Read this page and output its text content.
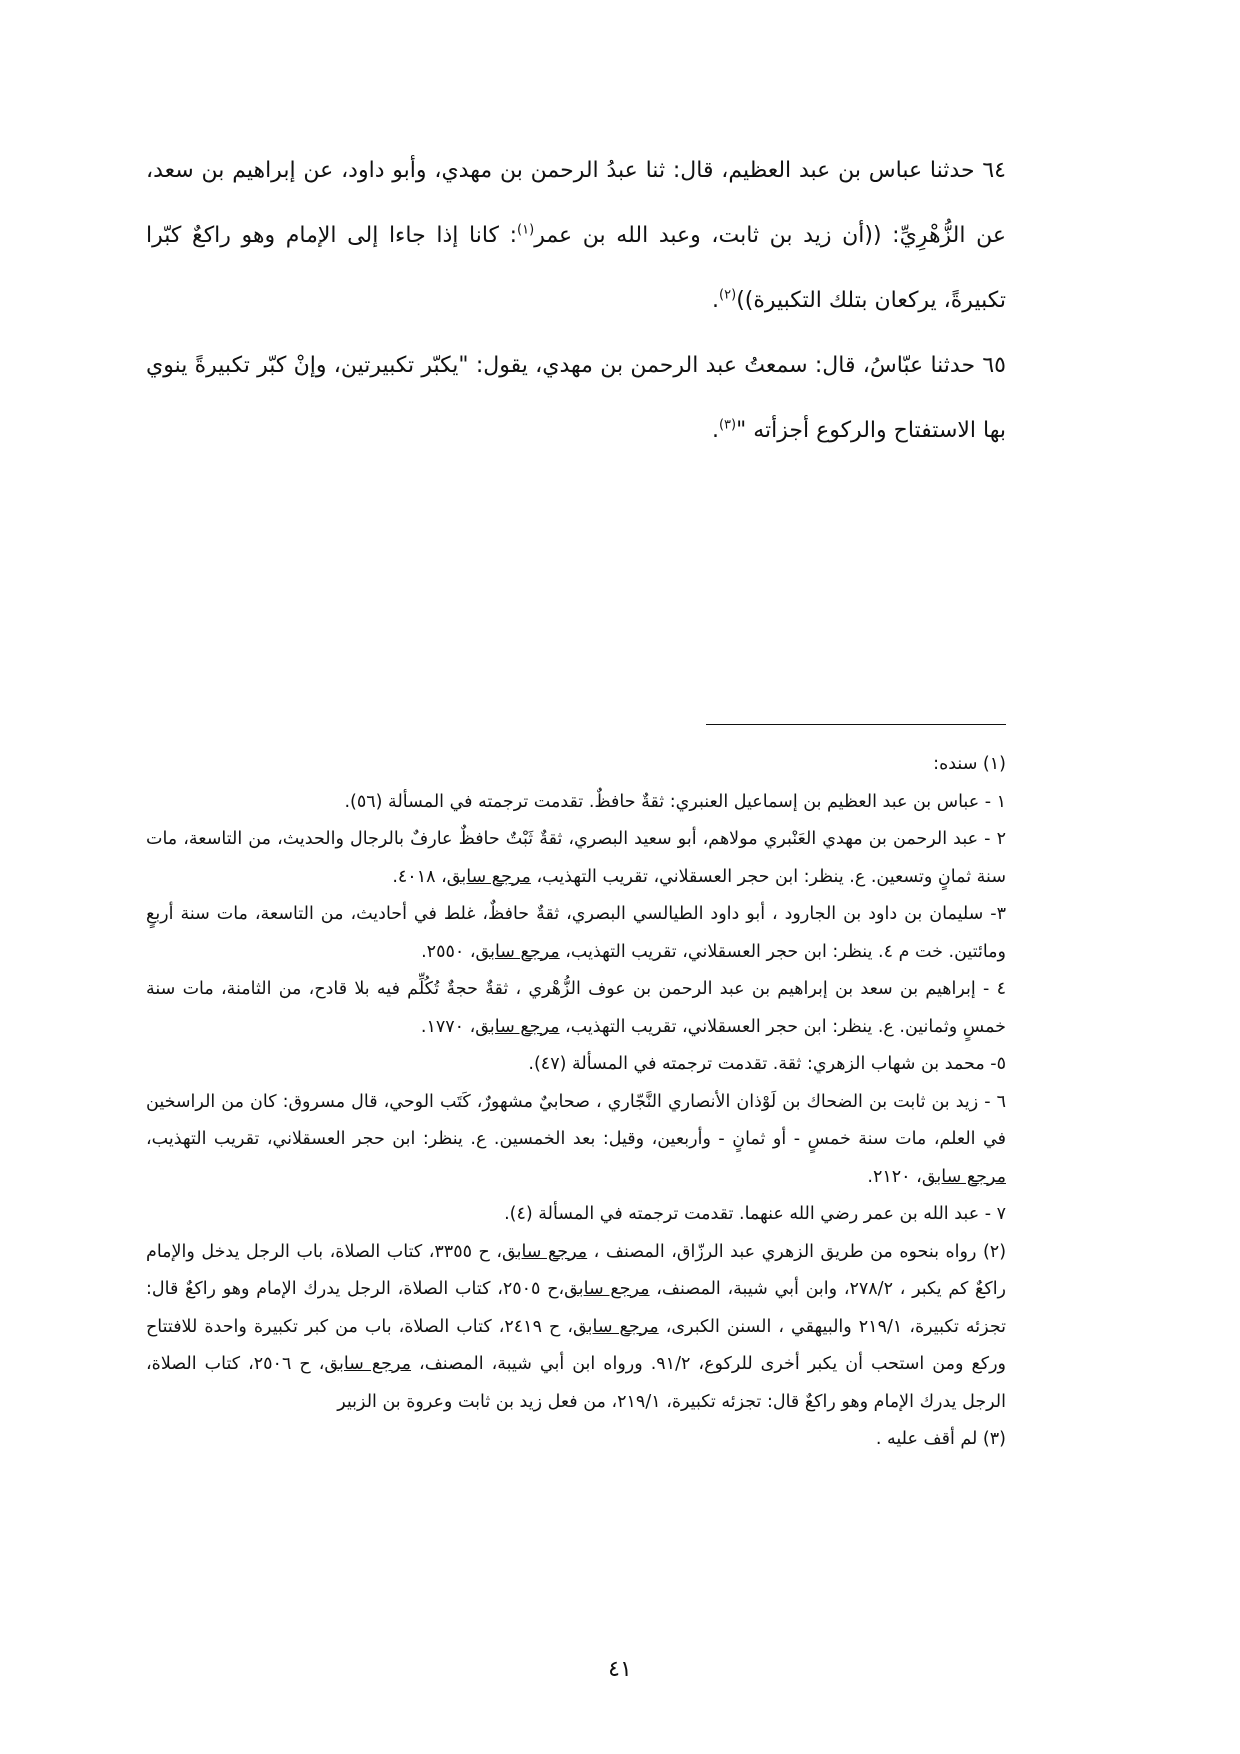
٦٤ حدثنا عباس بن عبد العظيم، قال: ثنا عبدُ الرحمن بن مهدي، وأبو داود، عن إبراهيم بن سعد، عن الزُّهْرِيِّ: ((أن زيد بن ثابت، وعبد الله بن عمر$^{(١)}$: كانا إذا جاءا إلى الإمام وهو راكعٌ كبّرا تكبيرةً، يركعان بتلك التكبيرة))$^{(٢)}$.

٦٥ حدثنا عبّاسُ، قال: سمعتُ عبد الرحمن بن مهدي، يقول: "يكبّر تكبيرتين، وإنْ كبّر تكبيرةً ينوي بها الاستفتاح والركوع أجزأته "$^{(٣)}$.

(١) سنده:

١ - عباس بن عبد العظيم بن إسماعيل العنبري: ثقةٌ حافظٌ. تقدمت ترجمته في المسألة (٥٦).

٢ - عبد الرحمن بن مهدي العَنْبري مولاهم، أبو سعيد البصري، ثقةٌ ثَبْتٌ حافظٌ عارفٌ بالرجال والحديث، من التاسعة، مات سنة ثمانٍ وتسعين. ع. ينظر: ابن حجر العسقلاني، تقريب التهذيب، مرجع سابق، ٤٠١٨.

٣- سليمان بن داود بن الجارود ، أبو داود الطيالسي البصري، ثقةٌ حافظٌ، غلط في أحاديث، من التاسعة، مات سنة أربعٍ ومائتين. خت م ٤. ينظر: ابن حجر العسقلاني، تقريب التهذيب، مرجع سابق، ٢٥٥٠.

٤ - إبراهيم بن سعد بن إبراهيم بن عبد الرحمن بن عوف الزُّهْري ، ثقةٌ حجةٌ تُكُلِّم فيه بلا قادح، من الثامنة، مات سنة خمسٍ وثمانين. ع. ينظر: ابن حجر العسقلاني، تقريب التهذيب، مرجع سابق، ١٧٧٠.

٥- محمد بن شهاب الزهري: ثقة. تقدمت ترجمته في المسألة (٤٧).

٦ - زيد بن ثابت بن الضحاك بن لَوْذان الأنصاري النَّجّاري ، صحابيٌ مشهورٌ، كَتَب الوحي، قال مسروق: كان من الراسخين في العلم، مات سنة خمسٍ - أو ثمانٍ - وأربعين، وقيل: بعد الخمسين. ع. ينظر: ابن حجر العسقلاني، تقريب التهذيب، مرجع سابق، ٢١٢٠.

٧ - عبد الله بن عمر رضي الله عنهما. تقدمت ترجمته في المسألة (٤).

(٢) رواه بنحوه من طريق الزهري عبد الرزّاق، المصنف ، مرجع سابق، ح ٣٣٥٥، كتاب الصلاة، باب الرجل يدخل والإمام راكعٌ كم يكبر ، ٢٧٨/٢، وابن أبي شيبة، المصنف، مرجع سابق،ح ٢٥٠٥، كتاب الصلاة، الرجل يدرك الإمام وهو راكعٌ قال: تجزئه تكبيرة، ٢١٩/١ والبيهقي ، السنن الكبرى، مرجع سابق، ح ٢٤١٩، كتاب الصلاة، باب من كبر تكبيرة واحدة للافتتاح وركع ومن استحب أن يكبر أخرى للركوع، ٩١/٢. ورواه ابن أبي شيبة، المصنف، مرجع سابق، ح ٢٥٠٦، كتاب الصلاة، الرجل يدرك الإمام وهو راكعٌ قال: تجزئه تكبيرة، ٢١٩/١، من فعل زيد بن ثابت وعروة بن الزبير

(٣) لم أقف عليه .

٤١
